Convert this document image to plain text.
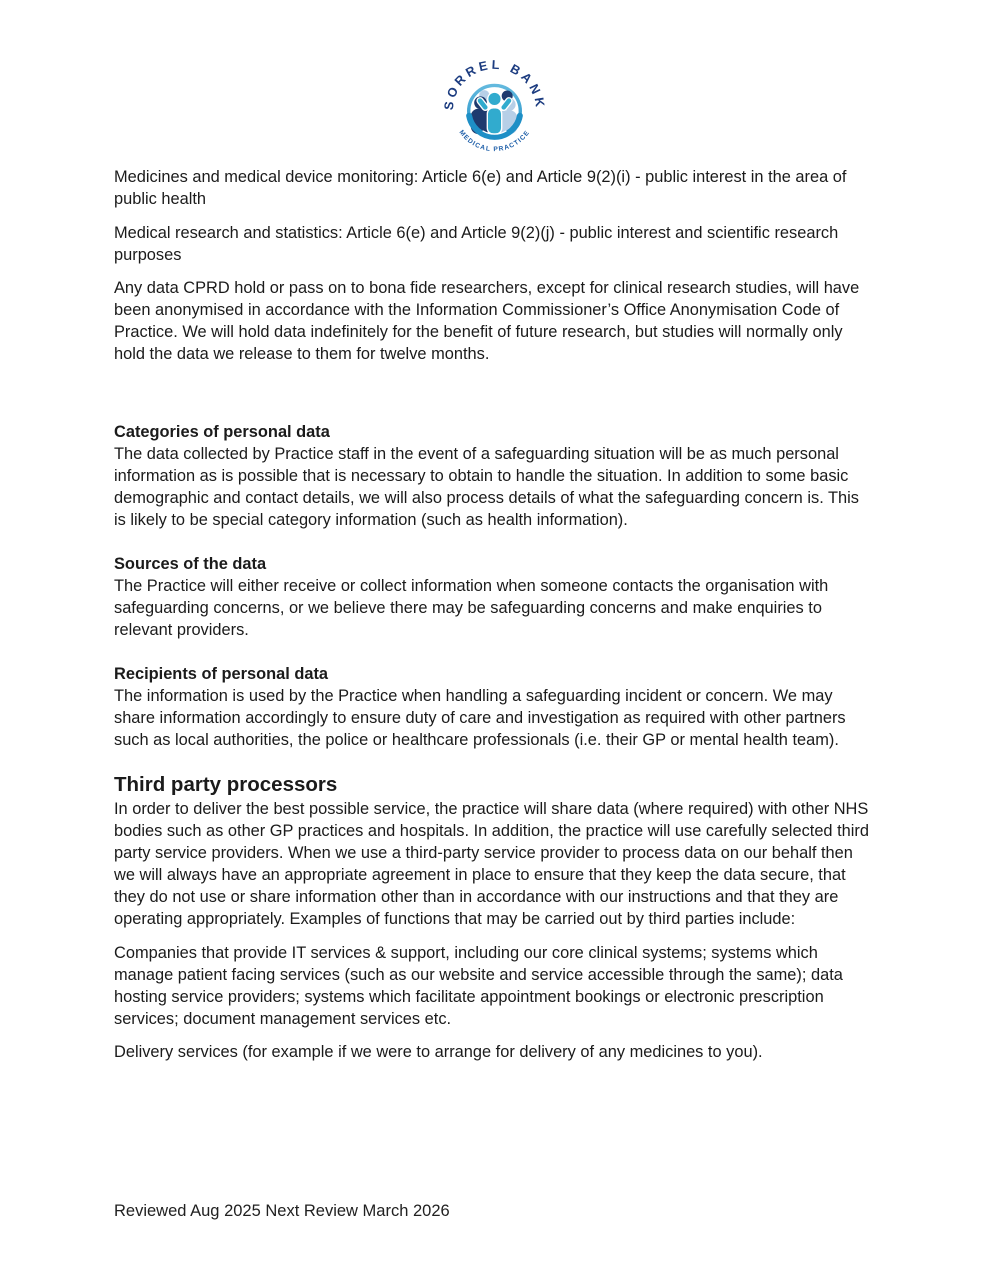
SORREL BANK
MEDICAL PRACTICE

Medicines and medical device monitoring: Article 6(e) and Article 9(2)(i) - public interest in the area of public health

Medical research and statistics: Article 6(e) and Article 9(2)(j) - public interest and scientific research purposes

Any data CPRD hold or pass on to bona fide researchers, except for clinical research studies, will have been anonymised in accordance with the Information Commissioner’s Office Anonymisation Code of Practice. We will hold data indefinitely for the benefit of future research, but studies will normally only hold the data we release to them for twelve months.

Categories of personal data

The data collected by Practice staff in the event of a safeguarding situation will be as much personal information as is possible that is necessary to obtain to handle the situation. In addition to some basic demographic and contact details, we will also process details of what the safeguarding concern is. This is likely to be special category information (such as health information).

Sources of the data

The Practice will either receive or collect information when someone contacts the organisation with safeguarding concerns, or we believe there may be safeguarding concerns and make enquiries to relevant providers.

Recipients of personal data

The information is used by the Practice when handling a safeguarding incident or concern. We may share information accordingly to ensure duty of care and investigation as required with other partners such as local authorities, the police or healthcare professionals (i.e. their GP or mental health team).

Third party processors

In order to deliver the best possible service, the practice will share data (where required) with other NHS bodies such as other GP practices and hospitals. In addition, the practice will use carefully selected third party service providers. When we use a third-party service provider to process data on our behalf then we will always have an appropriate agreement in place to ensure that they keep the data secure, that they do not use or share information other than in accordance with our instructions and that they are operating appropriately. Examples of functions that may be carried out by third parties include:

Companies that provide IT services & support, including our core clinical systems; systems which manage patient facing services (such as our website and service accessible through the same); data hosting service providers; systems which facilitate appointment bookings or electronic prescription services; document management services etc.

Delivery services (for example if we were to arrange for delivery of any medicines to you).

Reviewed Aug 2025 Next Review March 2026
